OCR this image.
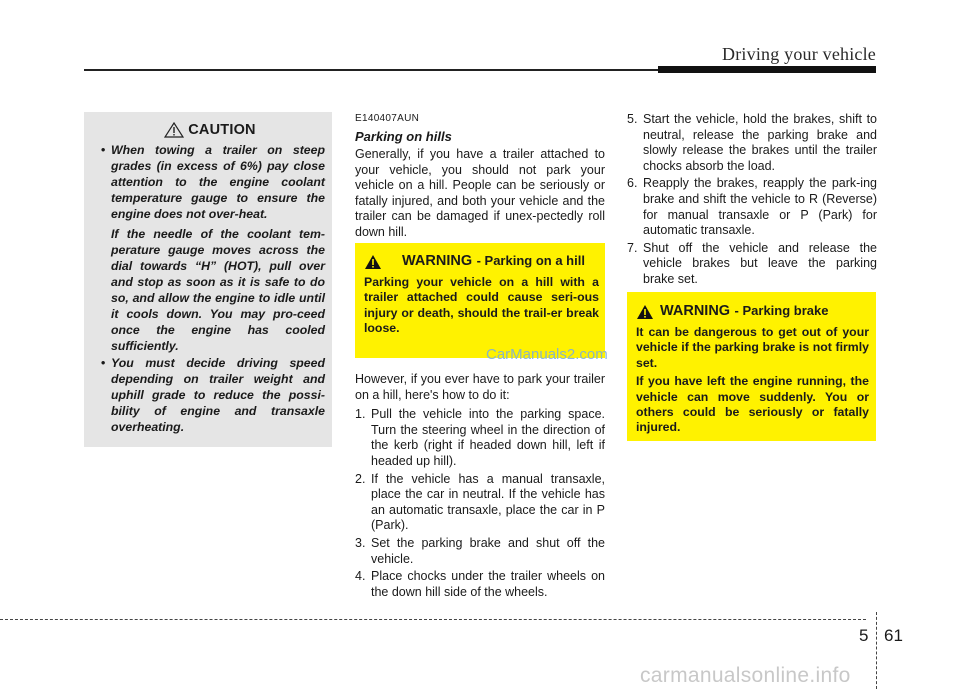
Driving your vehicle
CAUTION
• When towing a trailer on steep grades (in excess of 6%) pay close attention to the engine coolant temperature gauge to ensure the engine does not over-heat.
If the needle of the coolant tem-perature gauge moves across the dial towards “H” (HOT), pull over and stop as soon as it is safe to do so, and allow the engine to idle until it cools down. You may pro-ceed once the engine has cooled sufficiently.
• You must decide driving speed depending on trailer weight and uphill grade to reduce the possi-bility of engine and transaxle overheating.
E140407AUN
Parking on hills
Generally, if you have a trailer attached to your vehicle, you should not park your vehicle on a hill. People can be seriously or fatally injured, and both your vehicle and the trailer can be damaged if unex-pectedly roll down hill.
WARNING - Parking on a hill
Parking your vehicle on a hill with a trailer attached could cause seri-ous injury or death, should the trail-er break loose.
However, if you ever have to park your trailer on a hill, here's how to do it:
1. Pull the vehicle into the parking space. Turn the steering wheel in the direction of the kerb (right if headed down hill, left if headed up hill).
2. If the vehicle has a manual transaxle, place the car in neutral. If the vehicle has an automatic transaxle, place the car in P (Park).
3. Set the parking brake and shut off the vehicle.
4. Place chocks under the trailer wheels on the down hill side of the wheels.
5. Start the vehicle, hold the brakes, shift to neutral, release the parking brake and slowly release the brakes until the trailer chocks absorb the load.
6. Reapply the brakes, reapply the park-ing brake and shift the vehicle to R (Reverse) for manual transaxle or P (Park) for automatic transaxle.
7. Shut off the vehicle and release the vehicle brakes but leave the parking brake set.
WARNING - Parking brake

It can be dangerous to get out of your vehicle if the parking brake is not firmly set.

If you have left the engine running, the vehicle can move suddenly. You or others could be seriously or fatally injured.

CarManuals2.com
5 61
carmanualsonline.info
